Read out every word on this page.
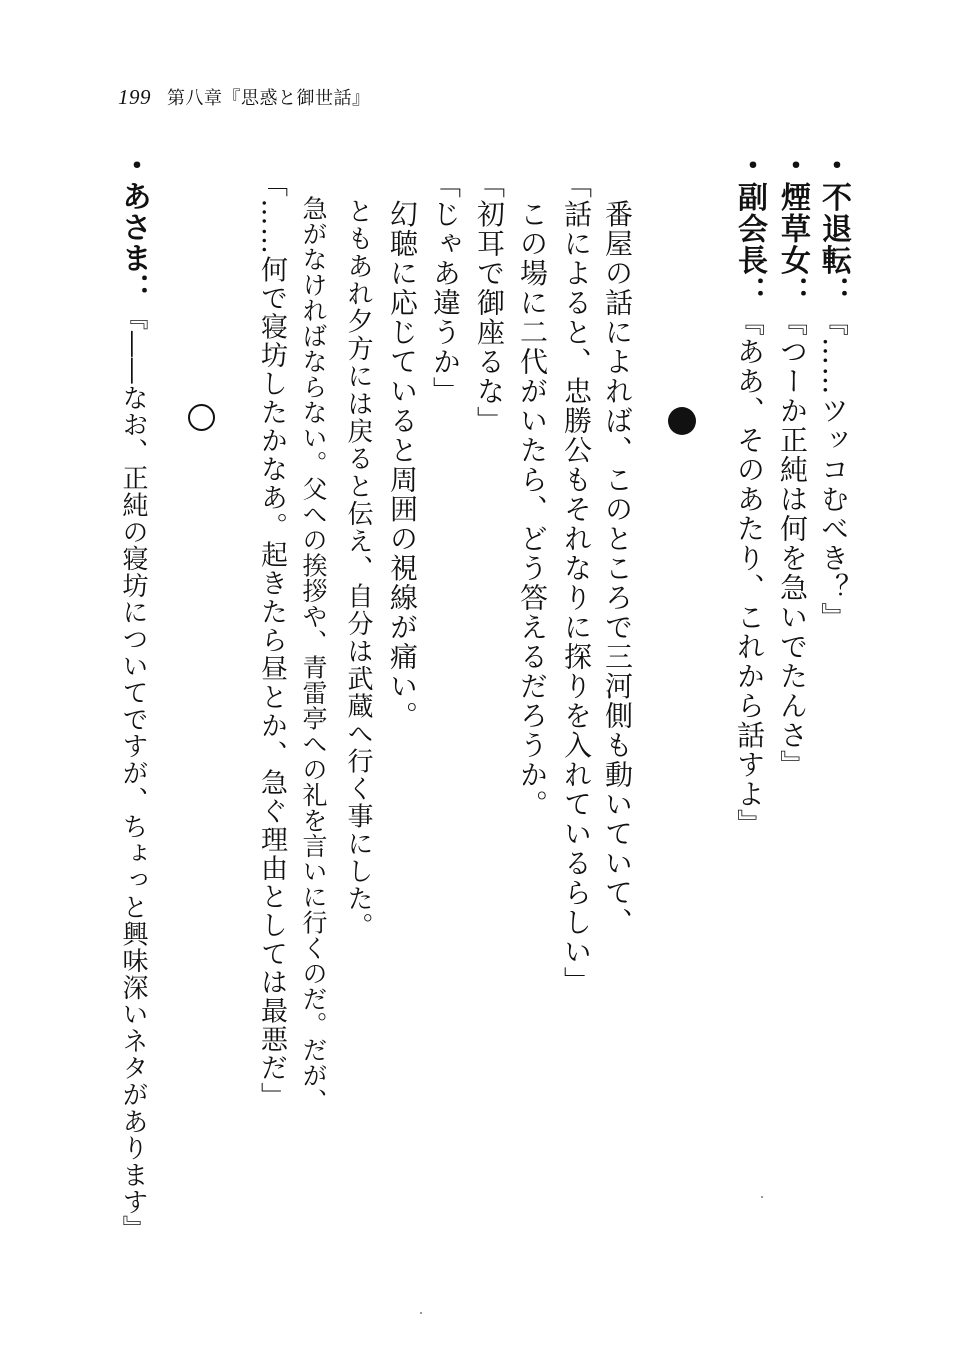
199 第八章『思惑と御世話』
・不退転：『……ツッコむべき？』
・煙草女：『つーか正純は何を急いでたんさ』
・副会長：『ああ、そのあたり、これから話すよ』
　番屋の話によれば、このところで三河側も動いていて、
「話によると、忠勝公もそれなりに探りを入れているらしい」
　この場に二代がいたら、どう答えるだろうか。
「初耳で御座るな」
「じゃあ違うか」
　幻聴に応じていると周囲の視線が痛い。
　ともあれ夕方には戻ると伝え、自分は武蔵へ行く事にした。
　急がなければならない。父への挨拶や、青雷亭への礼を言いに行くのだ。だが、
「……何で寝坊したかなあ。起きたら昼とか、急ぐ理由としては最悪だ」
・あさま：『――なお、正純の寝坊についてですが、ちょっと興味深いネタがあります』
